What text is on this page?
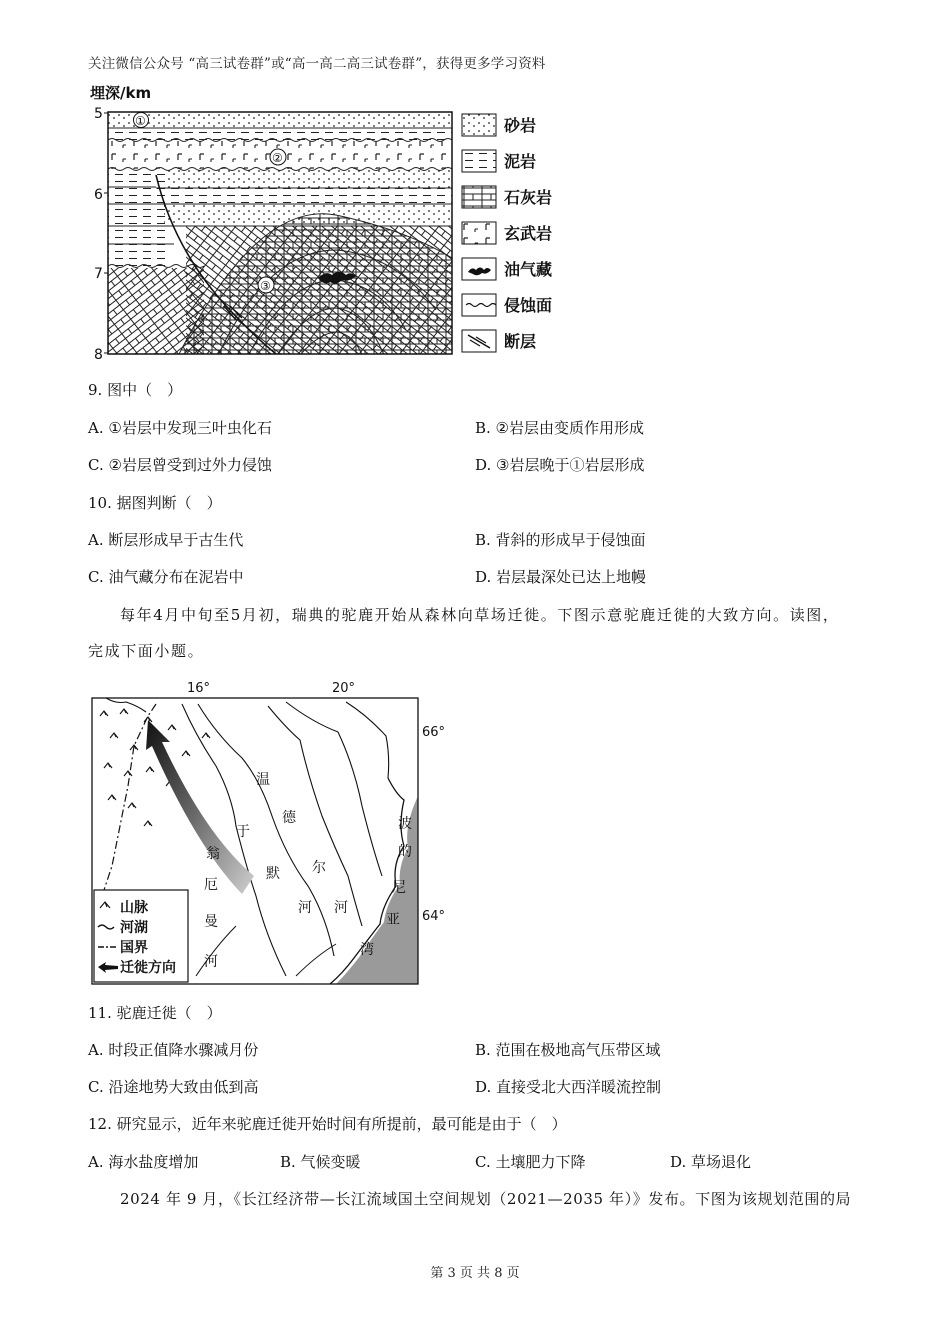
关注微信公众号 “高三试卷群”或“高一高二高三试卷群”，获得更多学习资料
埋深/km
5
6
7
8
①
②
③
砂岩
泥岩
石灰岩
玄武岩
油气藏
侵蚀面
断层
9. 图中（　）
A. ①岩层中发现三叶虫化石	B. ②岩层由变质作用形成
C. ②岩层曾受到过外力侵蚀	D. ③岩层晚于①岩层形成
10. 据图判断（　）
A. 断层形成早于古生代	B. 背斜的形成早于侵蚀面
C. 油气藏分布在泥岩中	D. 岩层最深处已达上地幔
每年4月中旬至5月初，瑞典的驼鹿开始从森林向草场迁徙。下图示意驼鹿迁徙的大致方向。读图，
完成下面小题。
16°	20°
66°
64°
翁
厄
曼
河
于
默
河
温
德
尔
河
波
的
尼
亚
湾
山脉
河湖
国界
迁徙方向
11. 驼鹿迁徙（　）
A. 时段正值降水骤减月份	B. 范围在极地高气压带区域
C. 沿途地势大致由低到高	D. 直接受北大西洋暖流控制
12. 研究显示，近年来驼鹿迁徙开始时间有所提前，最可能是由于（　）
A. 海水盐度增加	B. 气候变暖	C. 土壤肥力下降	D. 草场退化
2024 年 9 月，《长江经济带—长江流域国土空间规划（2021—2035 年）》发布。下图为该规划范围的局
第 3 页 共 8 页
